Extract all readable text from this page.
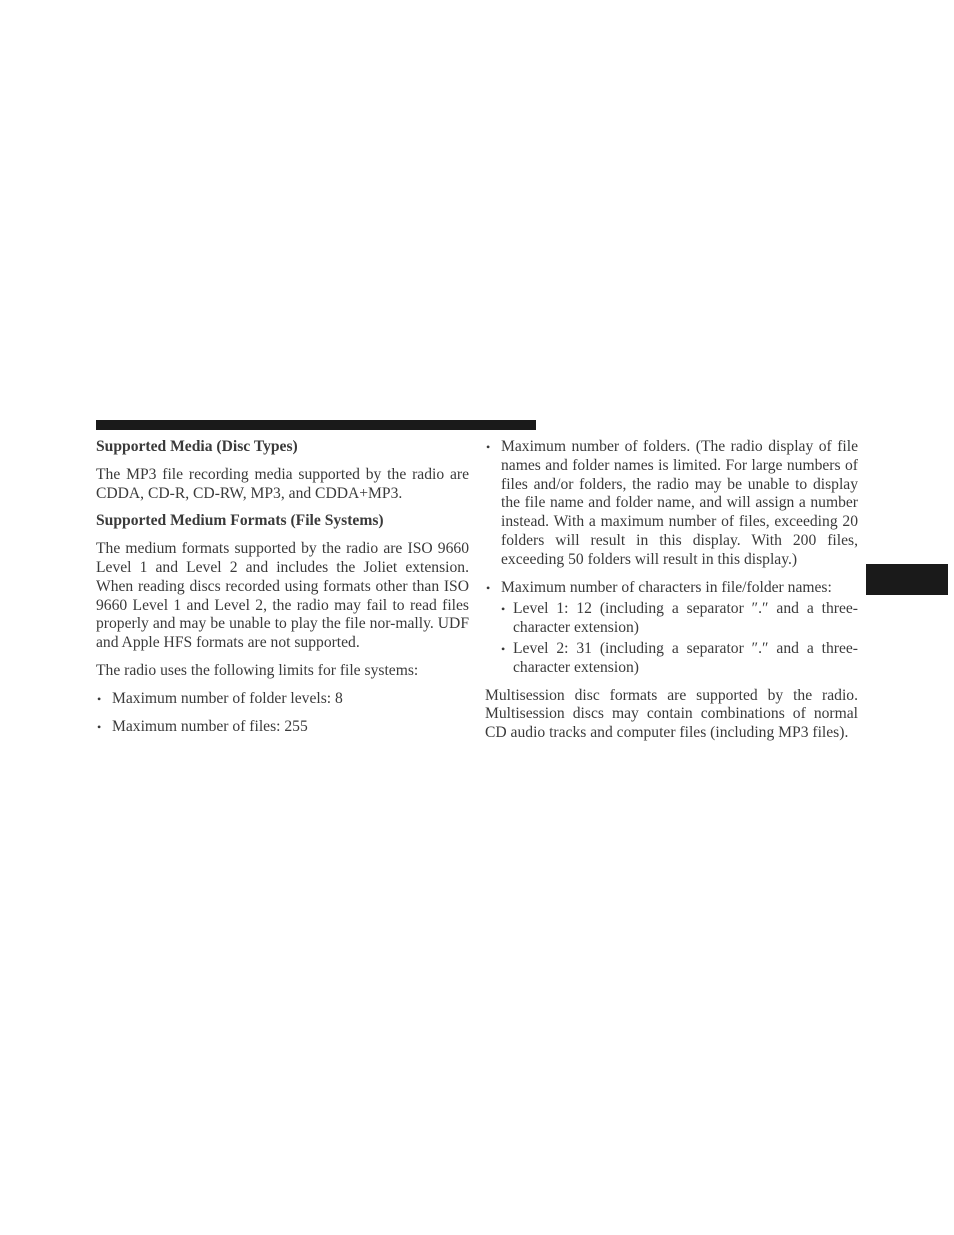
Supported Media (Disc Types)

The MP3 file recording media supported by the radio are CDDA, CD-R, CD-RW, MP3, and CDDA+MP3.

Supported Medium Formats (File Systems)

The medium formats supported by the radio are ISO 9660 Level 1 and Level 2 and includes the Joliet extension. When reading discs recorded using formats other than ISO 9660 Level 1 and Level 2, the radio may fail to read files properly and may be unable to play the file nor-mally. UDF and Apple HFS formats are not supported.

The radio uses the following limits for file systems:

• Maximum number of folder levels: 8
• Maximum number of files: 255
• Maximum number of folders. (The radio display of file names and folder names is limited. For large numbers of files and/or folders, the radio may be unable to display the file name and folder name, and will assign a number instead. With a maximum number of files, exceeding 20 folders will result in this display. With 200 files, exceeding 50 folders will result in this display.)
• Maximum number of characters in file/folder names:
• Level 1: 12 (including a separator ″.″ and a three-character extension)
• Level 2: 31 (including a separator ″.″ and a three-character extension)

Multisession disc formats are supported by the radio. Multisession discs may contain combinations of normal CD audio tracks and computer files (including MP3 files).
